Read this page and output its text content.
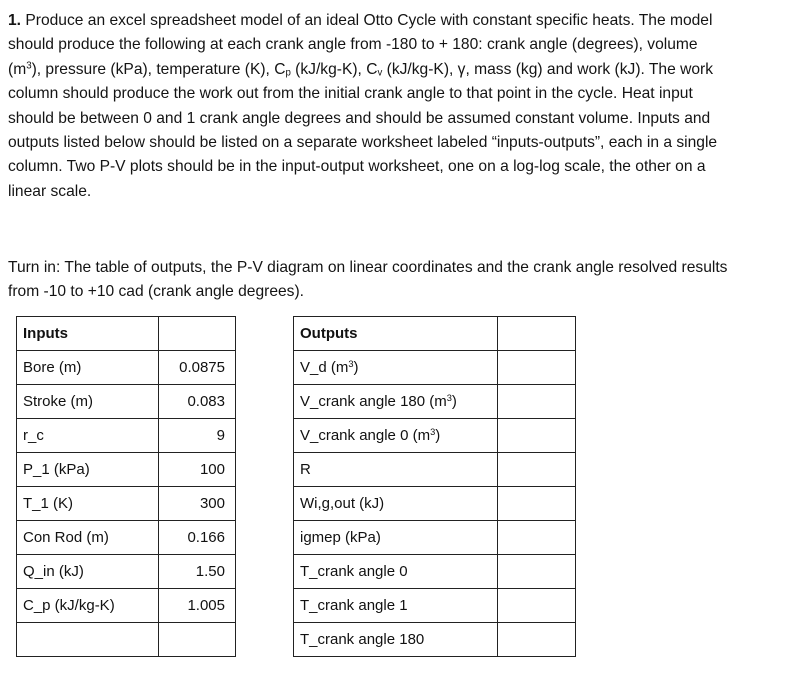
1. Produce an excel spreadsheet model of an ideal Otto Cycle with constant specific heats. The model
should produce the following at each crank angle from -180 to + 180: crank angle (degrees), volume
$(m^3)$, pressure (kPa), temperature (K), $C_p$ (kJ/kg-K), $C_v$ (kJ/kg-K), γ, mass (kg) and work (kJ). The work
column should produce the work out from the initial crank angle to that point in the cycle. Heat input
should be between 0 and 1 crank angle degrees and should be assumed constant volume. Inputs and
outputs listed below should be listed on a separate worksheet labeled “inputs-outputs”, each in a single
column. Two P-V plots should be in the input-output worksheet, one on a log-log scale, the other on a
linear scale.
Turn in: The table of outputs, the P-V diagram on linear coordinates and the crank angle resolved results
from -10 to +10 cad (crank angle degrees).
Inputs	
Bore (m)	0.0875
Stroke (m)	0.083
r_c	9
P_1 (kPa)	100
T_1 (K)	300
Con Rod (m)	0.166
Q_in (kJ)	1.50
C_p (kJ/kg-K)	1.005

Outputs	
V_d $(m^3)$	
V_crank angle 180 $(m^3)$	
V_crank angle 0 $(m^3)$	
R	
Wi,g,out (kJ)	
igmep (kPa)	
T_crank angle 0	
T_crank angle 1	
T_crank angle 180	
